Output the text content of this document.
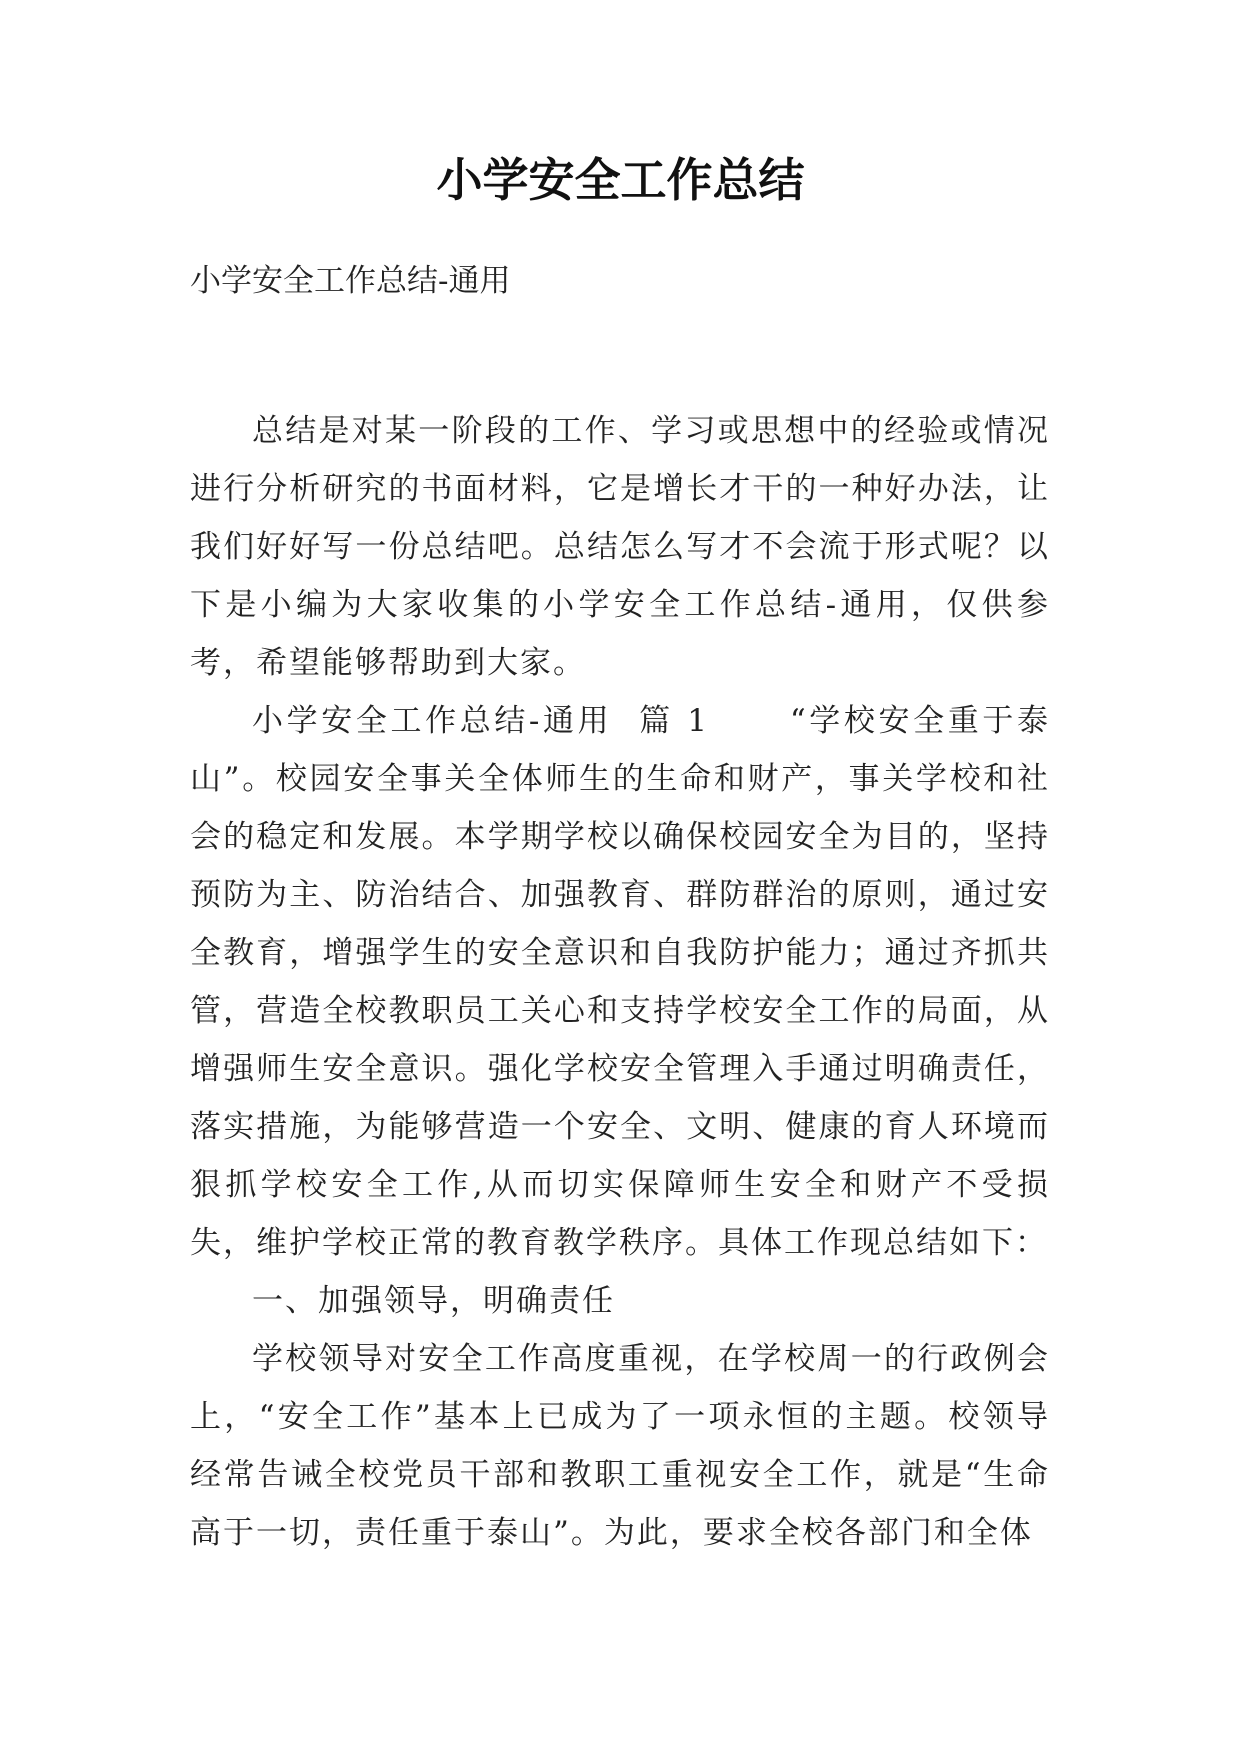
小学安全工作总结

小学安全工作总结-通用

总结是对某一阶段的工作、学习或思想中的经验或情况进行分析研究的书面材料，它是增长才干的一种好办法，让我们好好写一份总结吧。总结怎么写才不会流于形式呢？以下是小编为大家收集的小学安全工作总结-通用，仅供参考，希望能够帮助到大家。

小学安全工作总结-通用  篇 1      “学校安全重于泰山”。校园安全事关全体师生的生命和财产，事关学校和社会的稳定和发展。本学期学校以确保校园安全为目的，坚持预防为主、防治结合、加强教育、群防群治的原则，通过安全教育，增强学生的安全意识和自我防护能力；通过齐抓共管，营造全校教职员工关心和支持学校安全工作的局面，从增强师生安全意识。强化学校安全管理入手通过明确责任，落实措施，为能够营造一个安全、文明、健康的育人环境而狠抓学校安全工作,从而切实保障师生安全和财产不受损失，维护学校正常的教育教学秩序。具体工作现总结如下：

一、加强领导，明确责任

学校领导对安全工作高度重视，在学校周一的行政例会上，“安全工作”基本上已成为了一项永恒的主题。校领导经常告诫全校党员干部和教职工重视安全工作，就是“生命高于一切，责任重于泰山”。为此，要求全校各部门和全体
